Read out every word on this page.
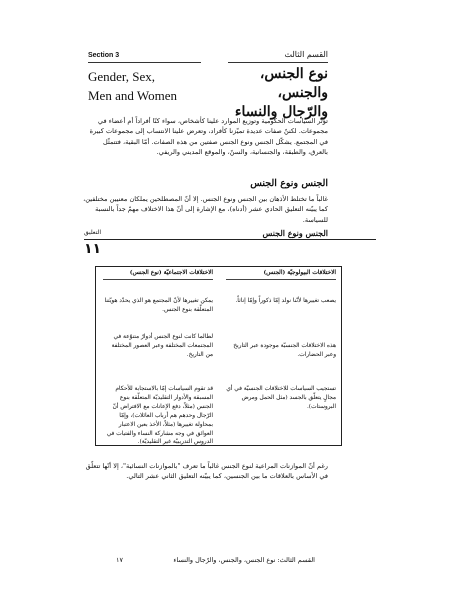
Section 3	القسم الثالث
Gender, Sex,
Men and Women
نوع الجنس، والجنس،
والرّجال والنساء
تؤثّر السياسات الحكومية وتوزيع الموارد علينا كأشخاص، سواء كنّا أفراداً أم أعضاء في مجموعات. لكننّ صفات عديدة تميّزنا كأفراد، وتعرض علينا الانتساب إلى مجموعات كبيرة في المجتمع. يشكّل الجنس ونوع الجنس صفتين من هذه الصفات. أمّا البقية، فتتمثّل بالعرق، والطبقة، والجنسانية، والسنّ، والموقع المديني والريفي.
الجنس ونوع الجنس
غالباً ما تختلط الأذهان بين الجنس ونوع الجنس. إلا أنّ المصطلحين يملكان معنيين مختلفين، كما يبيّنه التعليق الحادي عشر (أدناه)، مع الإشارة إلى أنّ هذا الاختلاف مهمّ جداً بالنسبة للسياسة.
التعليق	الجنس ونوع الجنس
١١
الاختلافات البيولوجيّة (الجنس)
الاختلافات الاجتماعيّة (نوع الجنس)
يصعب تغييرها لأنّنا نولد إمّا ذكوراً وإمّا إناثاً.
هذه الاختلافات الجنسيّة موجودة عبر التاريخ وعبر الحضارات.
تستجيب السياسات للاختلافات الجنسيّة في أي مجالٍ يتعلّق بالجسد (مثل الحمل ومرض البروستات).
يمكن تغييرها لأنّ المجتمع هو الذي يحدّد هويّتنا المتعلّقة بنوع الجنس.
لطالما كانت لنوع الجنس أدوارٌ متنوّعة في المجتمعات المختلفة وعبر العصور المختلفة من التاريخ.
قد تقوم السياسات إمّا بالاستجابة للأحكام المسبقة والأدوار التقليديّة المتعلّقة بنوع الجنس (مثلاً، دفع الإعانات مع الافتراض أنّ الرّجال وحدهم هم أرباب العائلات)، وإمّا بمحاولة تغييرها (مثلاً، الأخذ بعين الاعتبار العوائق في وجه مشاركة النساء والفتيات في الدروس التدريبيّة غير التقليديّة).
رغم أنّ الموازنات المراعية لنوع الجنس غالباً ما تعرف "بالموازنات النسائية"، إلا أنّها تتعلّق في الأساس بالعلاقات ما بين الجنسين، كما يبيّنه التعليق الثاني عشر التالي.
القسم الثالث: نوع الجنس، والجنس، والرّجال والنساء
١٧
